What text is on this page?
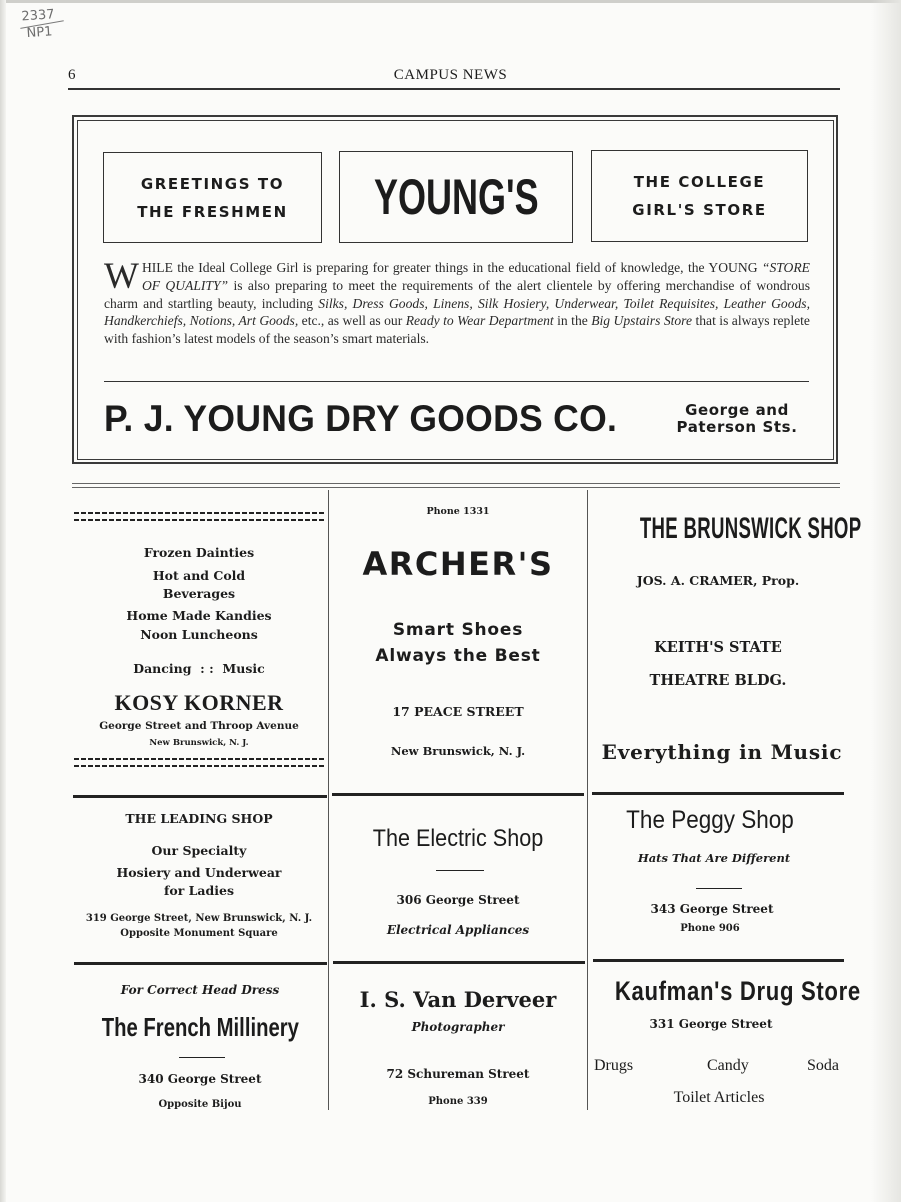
2337
NP1
6	CAMPUS NEWS
GREETINGS TO
THE FRESHMEN YOUNG'S	THE COLLEGE
GIRL'S STORE
WHILE the Ideal College Girl is preparing for greater things in the educational field of knowledge, the YOUNG “STORE OF QUALITY” is also preparing to meet the requirements of the alert clientele by offering merchandise of wondrous charm and startling beauty, including Silks, Dress Goods, Linens, Silk Hosiery, Underwear, Toilet Requisites, Leather Goods, Handkerchiefs, Notions, Art Goods, etc., as well as our Ready to Wear Department in the Big Upstairs Store that is always replete with fashion’s latest models of the season’s smart materials.
P. J. YOUNG DRY GOODS CO.	George and
Paterson Sts.
Frozen Dainties
Hot and Cold
Beverages
Home Made Kandies
Noon Luncheons
Dancing  : :  Music
KOSY KORNER
George Street and Throop Avenue
New Brunswick, N. J.
Phone 1331
ARCHER'S
Smart Shoes
Always the Best
17 PEACE STREET
New Brunswick, N. J.
THE BRUNSWICK SHOP
JOS. A. CRAMER, Prop.
KEITH'S STATE
THEATRE BLDG.
Everything in Music
THE LEADING SHOP
Our Specialty
Hosiery and Underwear
for Ladies
319 George Street, New Brunswick, N. J.
Opposite Monument Square
The Electric Shop
306 George Street
Electrical Appliances
The Peggy Shop
Hats That Are Different
343 George Street
Phone 906
For Correct Head Dress
The French Millinery
340 George Street
Opposite Bijou
I. S. Van Derveer
Photographer
72 Schureman Street
Phone 339
Kaufman's Drug Store
331 George Street
Drugs	Candy	Soda
Toilet Articles
